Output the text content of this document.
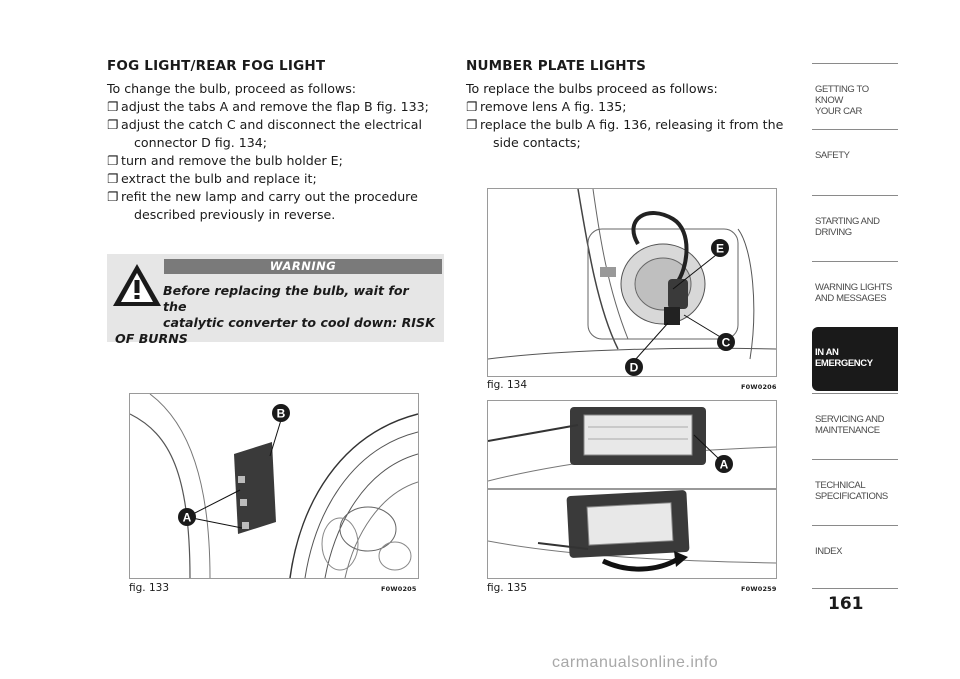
FOG LIGHT/REAR FOG LIGHT

To change the bulb, proceed as follows:

❐ adjust the tabs A and remove the flap B fig. 133;

❐ adjust the catch C and disconnect the electrical

connector D fig. 134;

❐ turn and remove the bulb holder E;

❐ extract the bulb and replace it;

❐ refit the new lamp and carry out the procedure

described previously in reverse.

WARNING
Before replacing the bulb, wait for the
catalytic converter to cool down: RISK
OF BURNS
B
A
fig. 133	F0W0205
E
C
D
fig. 134	F0W0206
A
fig. 135	F0W0259

NUMBER PLATE LIGHTS

To replace the bulbs proceed as follows:

❐ remove lens A fig. 135;

❐ replace the bulb A fig. 136, releasing it from the

side contacts;

GETTING TO KNOW
YOUR CAR
SAFETY

STARTING AND
DRIVING
WARNING LIGHTS
AND MESSAGES
IN AN
EMERGENCY
SERVICING AND
MAINTENANCE
TECHNICAL
SPECIFICATIONS
INDEX

161
carmanualsonline.info
